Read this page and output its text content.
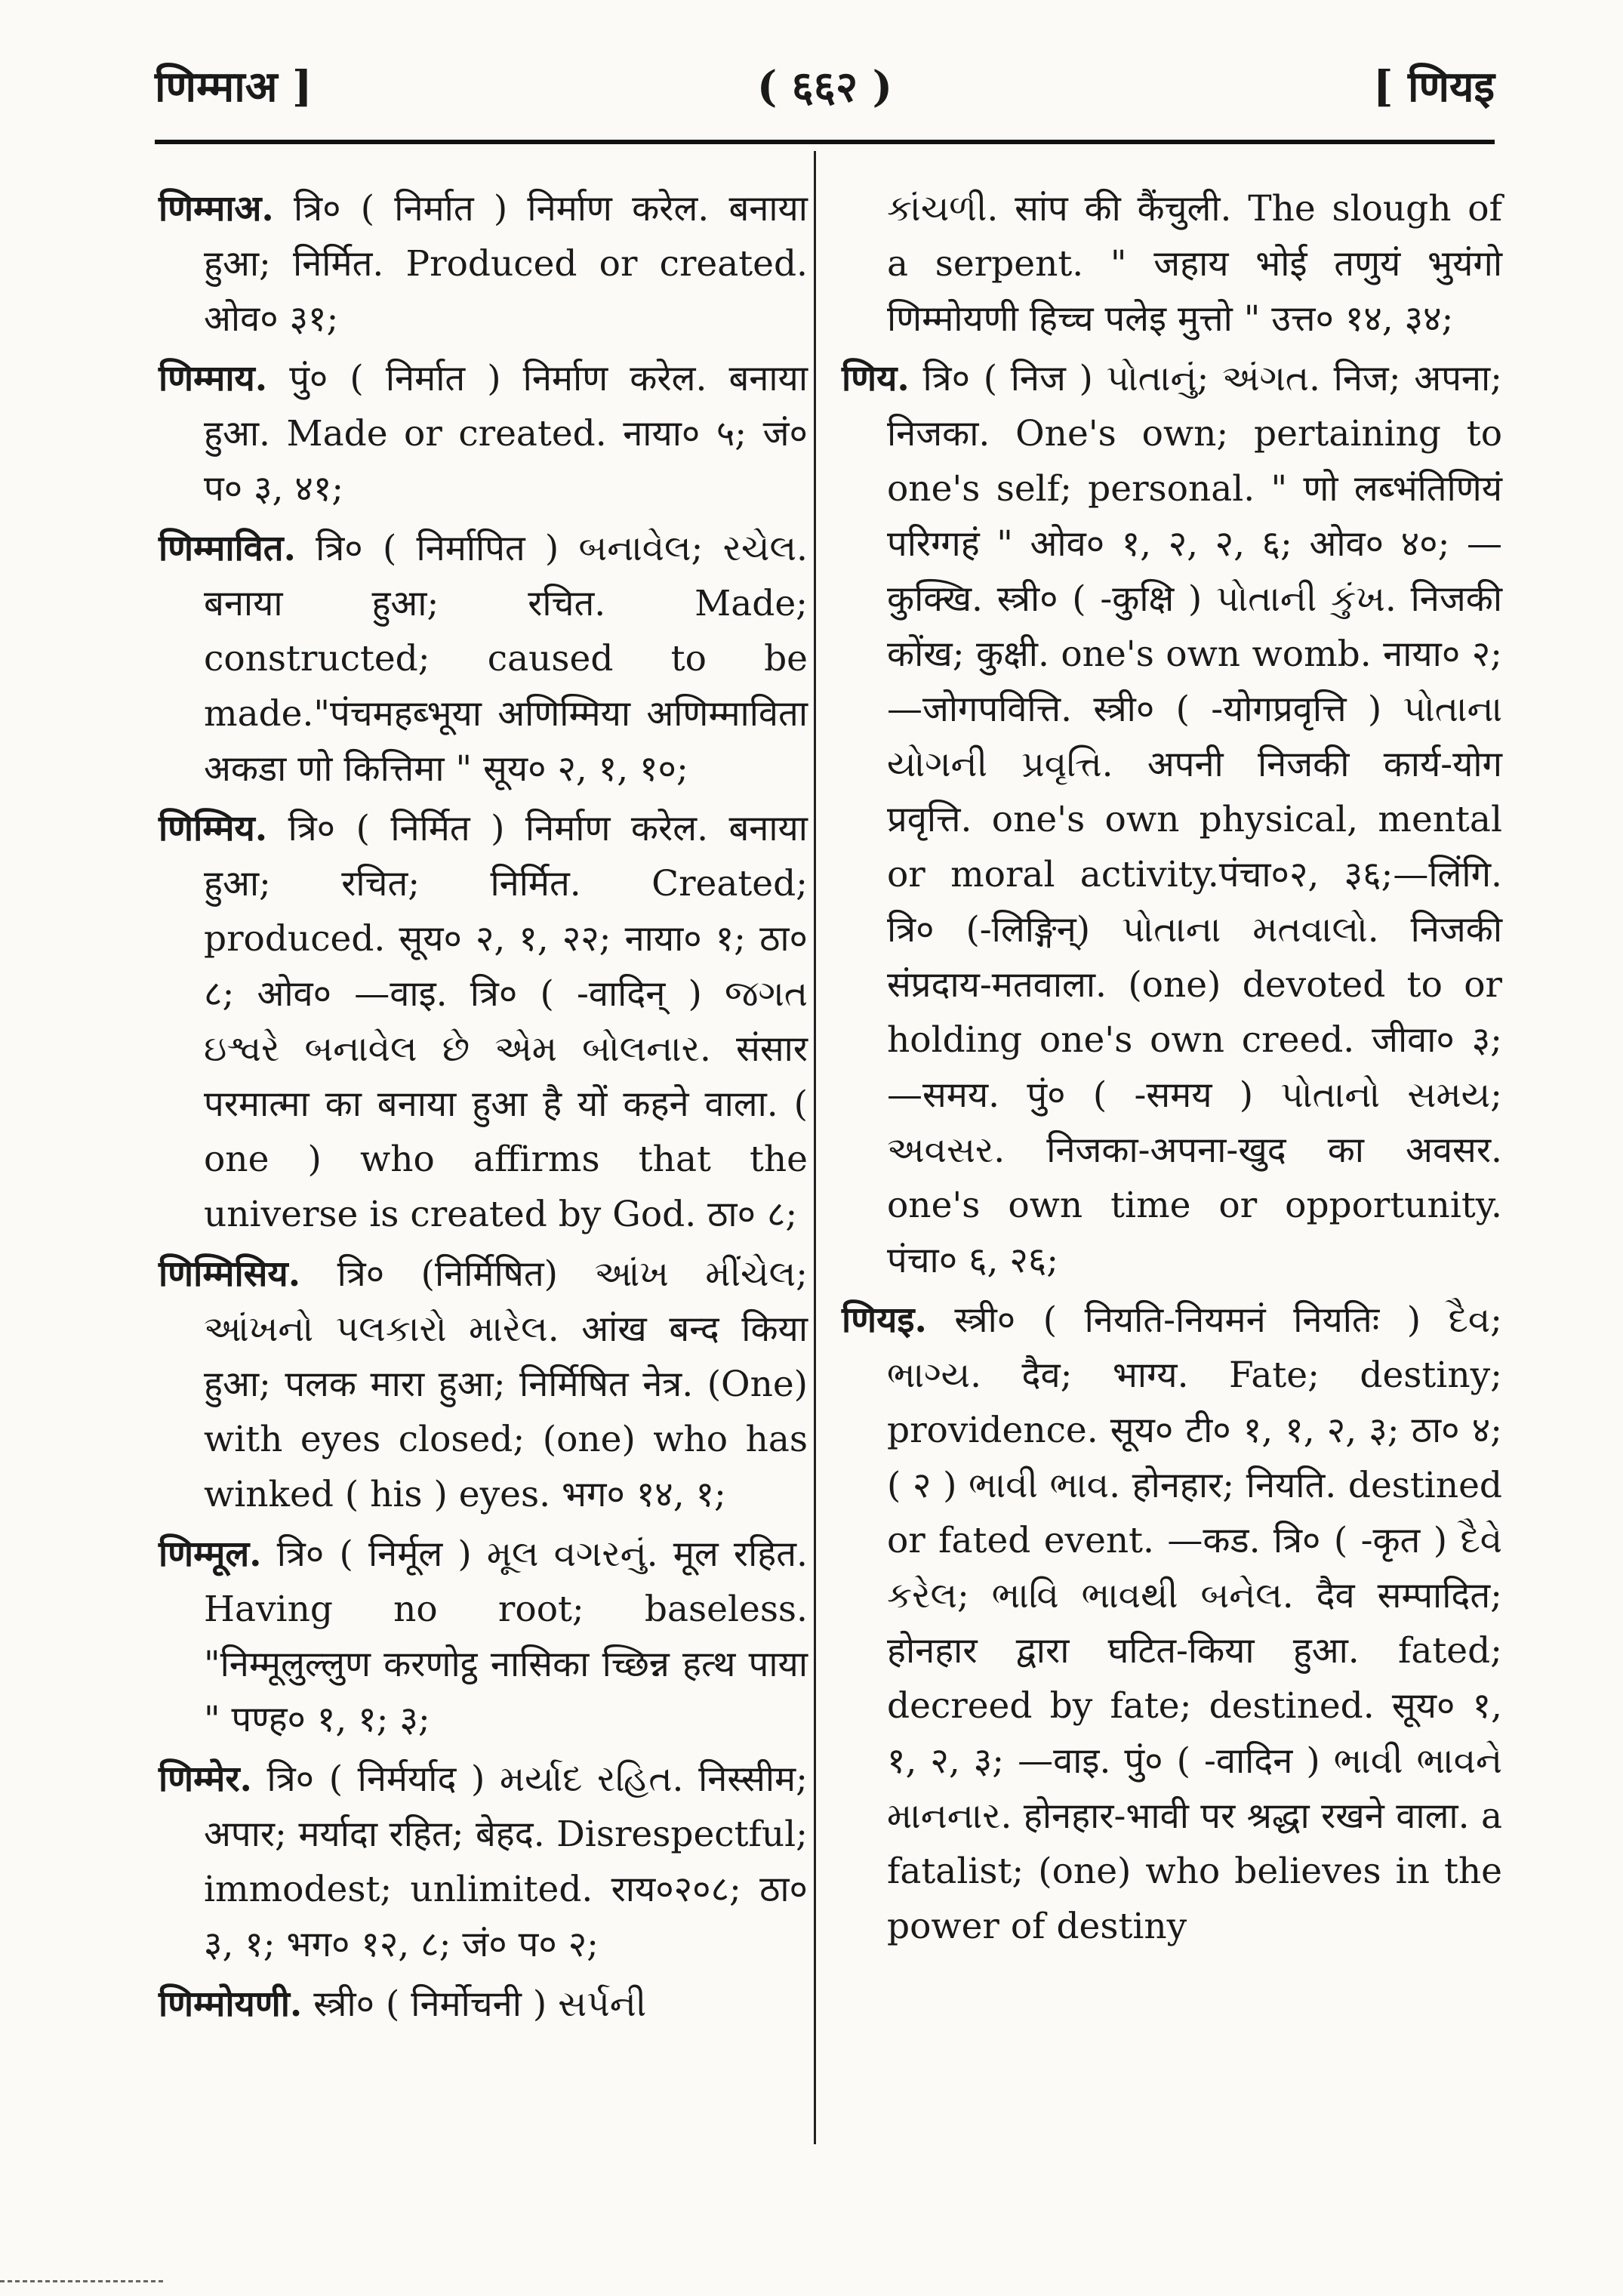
णिम्माअ ]	( ६६२ )	[ णियइ

णिम्माअ. त्रि० ( निर्मात ) निर्माण करेल. बनाया हुआ; निर्मित. Produced or created. ओव० ३१;

णिम्माय. पुं० ( निर्मात ) निर्माण करेल. बनाया हुआ. Made or created. नाया० ५; जं० प० ३, ४१;

णिम्मावित. त्रि० ( निर्मापित ) બનાવેલ; રચેલ. बनाया हुआ; रचित. Made; constructed; caused to be made."पंचमहब्भूया अणिम्मिया अणिम्माविता अकडा णो कित्तिमा " सूय० २, १, १०;

णिम्मिय. त्रि० ( निर्मित ) निर्माण करेल. बनाया हुआ; रचित; निर्मित. Created; produced. सूय० २, १, २२; नाया० १; ठा० ८; ओव० —वाइ. त्रि० ( -वादिन् ) જગત ઇશ્વરે બનાવેલ છે એમ બોલનાર. संसार परमात्मा का बनाया हुआ है यों कहने वाला. ( one ) who affirms that the universe is created by God. ठा० ८;

णिम्मिसिय. त्रि० (निर्मिषित) આંખ મીંચેલ; આંખનો પલકારો મારેલ. आंख बन्द किया हुआ; पलक मारा हुआ; निर्मिषित नेत्र. (One) with eyes closed; (one) who has winked ( his ) eyes. भग० १४, १;

णिम्मूल. त्रि० ( निर्मूल ) મૂલ વગરનું. मूल रहित. Having no root; baseless. "निम्मूलुल्लुण करणोट्ठ नासिका च्छिन्न हत्थ पाया " पण्ह० १, १; ३;

णिम्मेर. त्रि० ( निर्मर्याद ) મર્યાદ રહિત. निस्सीम; अपार; मर्यादा रहित; बेहद. Disrespectful; immodest; unlimited. राय०२०८; ठा० ३, १; भग० १२, ८; जं० प० २;

णिम्मोयणी. स्त्री० ( निर्मोचनी ) સર્પની

કાંચળી. सांप की कैंचुली. The slough of a serpent. " जहाय भोई तणुयं भुयंगो णिम्मोयणी हिच्च पलेइ मुत्तो " उत्त० १४, ३४;

णिय. त्रि० ( निज ) પોતાનું; અંગત. निज; अपना; निजका. One's own; pertaining to one's self; personal. " णो लब्भंतिणियं परिग्गहं " ओव० १, २, २, ६; ओव० ४०; —कुक्खि. स्त्री० ( -कुक्षि ) પોતાની કુંખ. निजकी कोंख; कुक्षी. one's own womb. नाया० २; —जोगपवित्ति. स्त्री० ( -योगप्रवृत्ति ) પોતાના યોગની પ્રવૃત્તિ. अपनी निजकी कार्य-योग प्रवृत्ति. one's own physical, mental or moral activity.पंचा०२, ३६;—लिंगि. त्रि० (-लिङ्गिन्) પોતાના મતવાલો. निजकी संप्रदाय-मतवाला. (one) devoted to or holding one's own creed. जीवा० ३;—समय. पुं० ( -समय ) પોતાનો સમય; અવસર. निजका-अपना-खुद का अवसर. one's own time or opportunity. पंचा० ६, २६;

णियइ. स्त्री० ( नियति-नियमनं नियतिः ) દૈવ; ભાગ્ય. दैव; भाग्य. Fate; destiny; providence. सूय० टी० १, १, २, ३; ठा० ४; ( २ ) ભાવી ભાવ. होनहार; नियति. destined or fated event. —कड. त्रि० ( -कृत ) દૈવે કરેલ; ભાવિ ભાવથી બનેલ. दैव सम्पादित; होनहार द्वारा घटित-किया हुआ. fated; decreed by fate; destined. सूय० १, १, २, ३; —वाइ. पुं० ( -वादिन ) ભાવી ભાવને માનનાર. होनहार-भावी पर श्रद्धा रखने वाला. a fatalist; (one) who believes in the power of destiny
